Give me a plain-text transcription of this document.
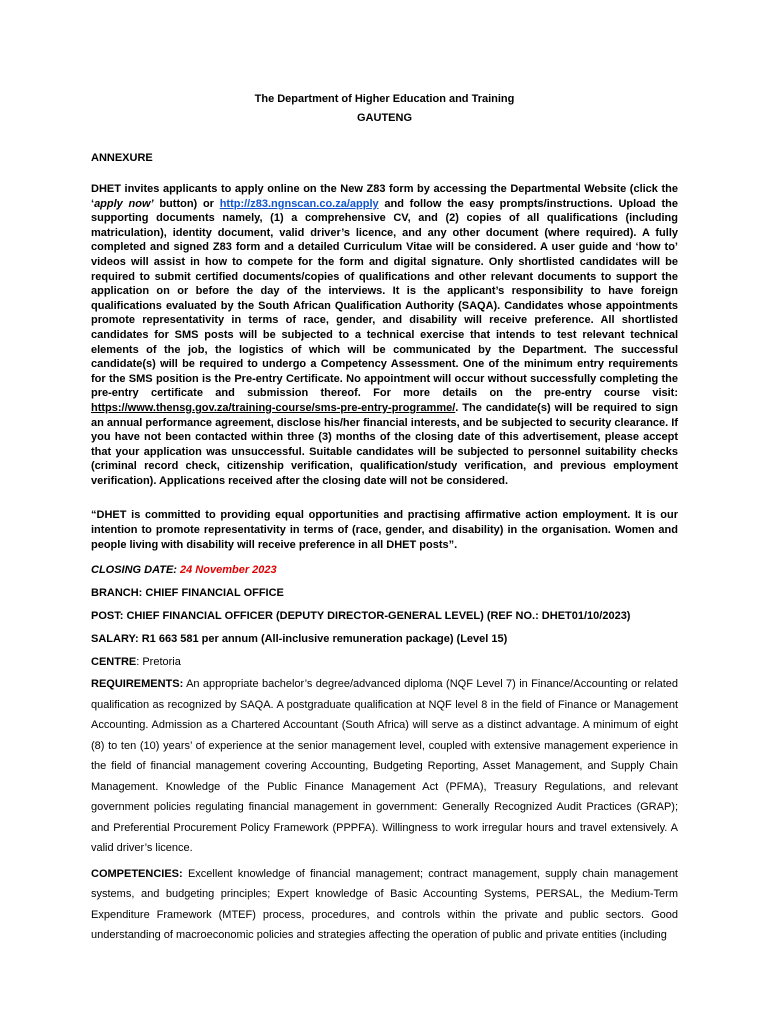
The Department of Higher Education and Training

GAUTENG

ANNEXURE

DHET invites applicants to apply online on the New Z83 form by accessing the Departmental Website (click the ‘apply now’ button) or http://z83.ngnscan.co.za/apply and follow the easy prompts/instructions. Upload the supporting documents namely, (1) a comprehensive CV, and (2) copies of all qualifications (including matriculation), identity document, valid driver’s licence, and any other document (where required). A fully completed and signed Z83 form and a detailed Curriculum Vitae will be considered. A user guide and ‘how to’ videos will assist in how to compete for the form and digital signature. Only shortlisted candidates will be required to submit certified documents/copies of qualifications and other relevant documents to support the application on or before the day of the interviews. It is the applicant’s responsibility to have foreign qualifications evaluated by the South African Qualification Authority (SAQA). Candidates whose appointments promote representativity in terms of race, gender, and disability will receive preference. All shortlisted candidates for SMS posts will be subjected to a technical exercise that intends to test relevant technical elements of the job, the logistics of which will be communicated by the Department. The successful candidate(s) will be required to undergo a Competency Assessment. One of the minimum entry requirements for the SMS position is the Pre-entry Certificate. No appointment will occur without successfully completing the pre-entry certificate and submission thereof. For more details on the pre-entry course visit: https://www.thensg.gov.za/training-course/sms-pre-entry-programme/. The candidate(s) will be required to sign an annual performance agreement, disclose his/her financial interests, and be subjected to security clearance. If you have not been contacted within three (3) months of the closing date of this advertisement, please accept that your application was unsuccessful. Suitable candidates will be subjected to personnel suitability checks (criminal record check, citizenship verification, qualification/study verification, and previous employment verification). Applications received after the closing date will not be considered.

“DHET is committed to providing equal opportunities and practising affirmative action employment. It is our intention to promote representativity in terms of (race, gender, and disability) in the organisation. Women and people living with disability will receive preference in all DHET posts”.

CLOSING DATE: 24 November 2023

BRANCH: CHIEF FINANCIAL OFFICE

POST: CHIEF FINANCIAL OFFICER (DEPUTY DIRECTOR-GENERAL LEVEL) (REF NO.: DHET01/10/2023)

SALARY: R1 663 581 per annum (All-inclusive remuneration package) (Level 15)

CENTRE: Pretoria

REQUIREMENTS: An appropriate bachelor’s degree/advanced diploma (NQF Level 7) in Finance/Accounting or related qualification as recognized by SAQA. A postgraduate qualification at NQF level 8 in the field of Finance or Management Accounting. Admission as a Chartered Accountant (South Africa) will serve as a distinct advantage. A minimum of eight (8) to ten (10) years’ of experience at the senior management level, coupled with extensive management experience in the field of financial management covering Accounting, Budgeting Reporting, Asset Management, and Supply Chain Management. Knowledge of the Public Finance Management Act (PFMA), Treasury Regulations, and relevant government policies regulating financial management in government: Generally Recognized Audit Practices (GRAP); and Preferential Procurement Policy Framework (PPPFA). Willingness to work irregular hours and travel extensively. A valid driver’s licence.

COMPETENCIES: Excellent knowledge of financial management; contract management, supply chain management systems, and budgeting principles; Expert knowledge of Basic Accounting Systems, PERSAL, the Medium-Term Expenditure Framework (MTEF) process, procedures, and controls within the private and public sectors. Good understanding of macroeconomic policies and strategies affecting the operation of public and private entities (including
